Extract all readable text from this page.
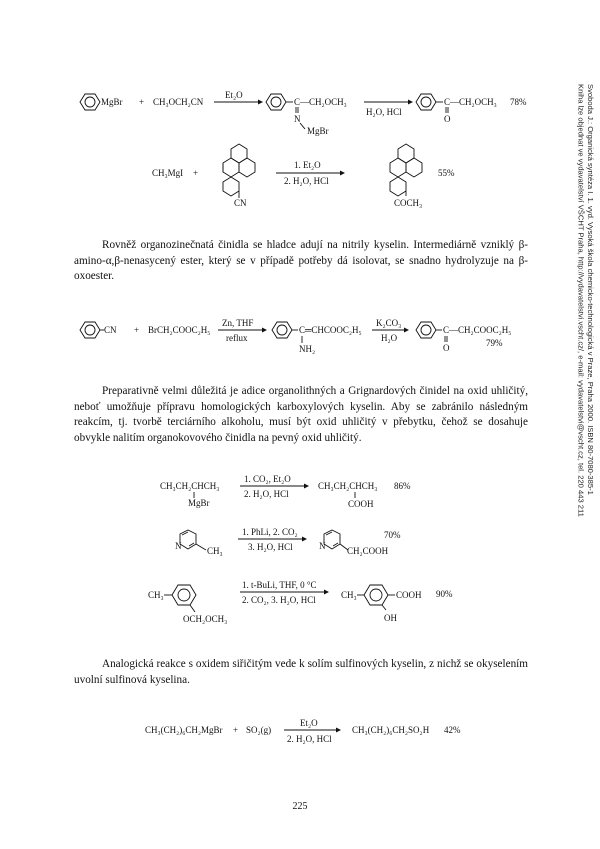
Svoboda J.: Organická syntéza I. 1. vyd. Vysoká škola chemicko-technologická v Praze, Praha 2000. ISBN 80-7080-385-1
Kniha lze objednat ve vydavatelství VŠCHT Praha, http://vydavatelstvi.vscht.cz/, e-mail: vydavatelstvi@vscht.cz, tel. 220 443 211
MgBr + CH₃OCH₂CN
Et₂O
C—CH₂OCH₃
N
MgBr
H₂O, HCl
C—CH₂OCH₃
O
78%
CH₃MgI +
CN
1. Et₂O
2. H₂O, HCl
COCH₃
55%

Rovněž organozinečnatá činidla se hladce adují na nitrily kyselin. Intermediárně vzniklý β-amino-α,β-nenasycený ester, který se v případě potřeby dá isolovat, se snadno hydrolyzuje na β-oxoester.

CN + BrCH₂COOC₂H₅
Zn, THF
reflux
C═CHCOOC₂H₅
NH₂
K₂CO₃
H₂O
C—CH₂COOC₂H₅
O	79%

Preparativně velmi důležitá je adice organolithných a Grignardových činidel na oxid uhličitý, neboť umožňuje přípravu homologických karboxylových kyselin. Aby se zabránilo následným reakcím, tj. tvorbě terciárního alkoholu, musí být oxid uhličitý v přebytku, čehož se dosahuje obvykle nalitím organokovového činidla na pevný oxid uhličitý.

CH₃CH₂CHCH₃
MgBr
1. CO₂, Et₂O
2. H₂O, HCl
CH₃CH₂CHCH₃
COOH
86%
N	CH₃
1. PhLi, 2. CO₂
3. H₂O, HCl	N CH₂COOH
70%
CH₃
OCH₂OCH₃
1. t-BuLi, THF, 0 °C
2. CO₂, 3. H₂O, HCl	CH₃	COOH
OH
90%

Analogická reakce s oxidem siřičitým vede k solím sulfinových kyselin, z nichž se okyselením uvolní sulfinová kyselina.

CH₃(CH₂)₆CH₂MgBr + SO₂(g)
Et₂O
2. H₂O, HCl
CH₃(CH₂)₆CH₂SO₂H 42%
225
